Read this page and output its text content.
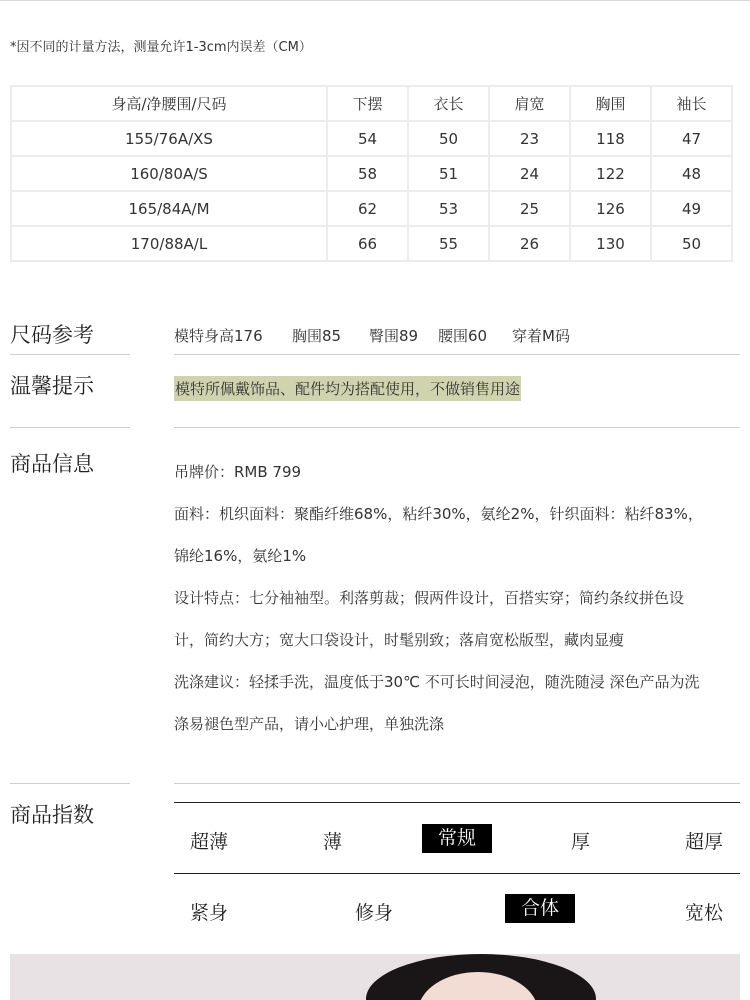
*因不同的计量方法，测量允许1-3cm内误差（CM）
身高/净腰围/尺码	下摆	衣长	肩宽	胸围	袖长
155/76A/XS	54	50	23	118	47
160/80A/S	58	51	24	122	48
165/84A/M	62	53	25	126	49
170/88A/L	66	55	26	130	50
尺码参考	模特身高176 胸围85 臀围89 腰围60 穿着M码
温馨提示	模特所佩戴饰品、配件均为搭配使用，不做销售用途
商品信息	吊牌价：RMB 799
面料：机织面料：聚酯纤维68%，粘纤30%，氨纶2%，针织面料：粘纤83%，
锦纶16%，氨纶1%
设计特点：七分袖袖型。利落剪裁；假两件设计，百搭实穿；简约条纹拼色设
计，简约大方；宽大口袋设计，时髦别致；落肩宽松版型，藏肉显瘦
洗涤建议：轻揉手洗，温度低于30℃ 不可长时间浸泡，随洗随浸 深色产品为洗
涤易褪色型产品，请小心护理，单独洗涤
商品指数
超薄	薄	常规	厚	超厚
紧身	修身	合体	宽松
